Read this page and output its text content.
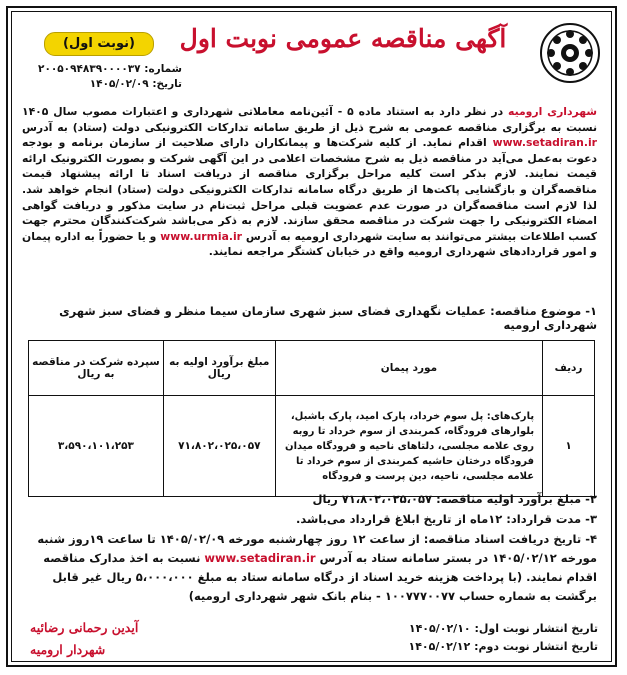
(نوبت اول)
شماره: ۲۰۰۵۰۹۴۸۳۹۰۰۰۰۳۷
تاریخ: ۱۴۰۵/۰۲/۰۹
آگهی مناقصه عمومی نوبت اول
شهرداری ارومیه در نظر دارد به استناد ماده ۵ - آئین‌نامه معاملاتی شهرداری و اعتبارات مصوب سال ۱۴۰۵ نسبت به برگزاری مناقصه عمومی به شرح ذیل از طریق سامانه تدارکات الکترونیکی دولت (ستاد) به آدرس www.setadiran.ir اقدام نماید. از کلیه شرکت‌ها و پیمانکاران دارای صلاحیت از سازمان برنامه و بودجه دعوت به‌عمل می‌آید در مناقصه ذیل به شرح مشخصات اعلامی در این آگهی شرکت و بصورت الکترونیک ارائه قیمت نمایند. لازم بذکر است کلیه مراحل برگزاری مناقصه از دریافت اسناد تا ارائه پیشنهاد قیمت مناقصه‌گران و بازگشایی پاکت‌ها از طریق درگاه سامانه تدارکات الکترونیکی دولت (ستاد) انجام خواهد شد. لذا لازم است مناقصه‌گران در صورت عدم عضویت قبلی مراحل ثبت‌نام در سایت مذکور و دریافت گواهی امضاء الکترونیکی را جهت شرکت در مناقصه محقق سازند. لازم به ذکر می‌باشد شرکت‌کنندگان محترم جهت کسب اطلاعات بیشتر می‌توانند به سایت شهرداری ارومیه به آدرس www.urmia.ir و یا حضوراً به اداره پیمان و امور قراردادهای شهرداری ارومیه واقع در خیابان کشتگر مراجعه نمایند.
۱- موضوع مناقصه: عملیات نگهداری فضای سبز شهری سازمان سیما منظر و فضای سبز شهری شهرداری ارومیه
ردیف	مورد پیمان	مبلغ برآورد اولیه به ریال	سپرده شرکت در مناقصه به ریال
۱	پارک‌های: پل سوم خرداد، پارک امید، پارک باشبل، بلوارهای فرودگاه، کمربندی از سوم خرداد تا روبه روی علامه مجلسی، دلتاهای ناحیه و فرودگاه میدان فرودگاه درختان حاشیه کمربندی از سوم خرداد تا علامه مجلسی، ناحیه، دین پرست و فرودگاه	۷۱،۸۰۲،۰۲۵،۰۵۷	۳،۵۹۰،۱۰۱،۲۵۳
۲- مبلغ برآورد اولیه مناقصه: ۷۱،۸۰۲،۰۲۵،۰۵۷ ریال
۳- مدت قرارداد: ۱۲ماه از تاریخ ابلاغ قرارداد می‌باشد.
۴- تاریخ دریافت اسناد مناقصه: از ساعت ۱۲ روز چهارشنبه مورخه ۱۴۰۵/۰۲/۰۹ تا ساعت ۱۹روز شنبه مورخه ۱۴۰۵/۰۲/۱۲ در بستر سامانه ستاد به آدرس www.setadiran.ir نسبت به اخذ مدارک مناقصه اقدام نمایند. (با پرداخت هزینه خرید اسناد از درگاه سامانه ستاد به مبلغ ۵،۰۰۰،۰۰۰ ریال غیر قابل برگشت به شماره حساب ۱۰۰۷۷۷۰۰۷۷ - بنام بانک شهر شهرداری ارومیه)
آیدین رحمانی رضائیه
شهردار ارومیه
تاریخ انتشار نوبت اول: ۱۴۰۵/۰۲/۱۰
تاریخ انتشار نوبت دوم: ۱۴۰۵/۰۲/۱۲
